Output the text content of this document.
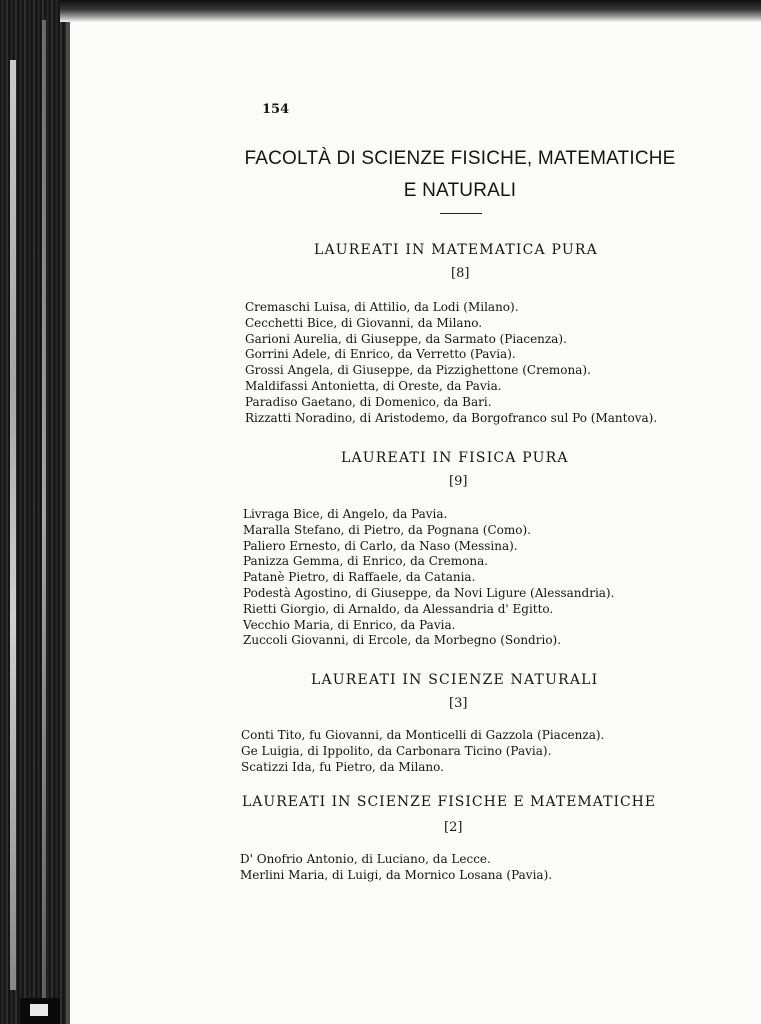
154
FACOLTÀ DI SCIENZE FISICHE, MATEMATICHE
E NATURALI
LAUREATI IN MATEMATICA PURA
[8]
Cremaschi Luisa, di Attilio, da Lodi (Milano).
Cecchetti Bice, di Giovanni, da Milano.
Garioni Aurelia, di Giuseppe, da Sarmato (Piacenza).
Gorrini Adele, di Enrico, da Verretto (Pavia).
Grossi Angela, di Giuseppe, da Pizzighettone (Cremona).
Maldifassi Antonietta, di Oreste, da Pavia.
Paradiso Gaetano, di Domenico, da Bari.
Rizzatti Noradino, di Aristodemo, da Borgofranco sul Po (Mantova).
LAUREATI IN FISICA PURA
[9]
Livraga Bice, di Angelo, da Pavia.
Maralla Stefano, di Pietro, da Pognana (Como).
Paliero Ernesto, di Carlo, da Naso (Messina).
Panizza Gemma, di Enrico, da Cremona.
Patanè Pietro, di Raffaele, da Catania.
Podestà Agostino, di Giuseppe, da Novi Ligure (Alessandria).
Rietti Giorgio, di Arnaldo, da Alessandria d' Egitto.
Vecchio Maria, di Enrico, da Pavia.
Zuccoli Giovanni, di Ercole, da Morbegno (Sondrio).
LAUREATI IN SCIENZE NATURALI
[3]
Conti Tito, fu Giovanni, da Monticelli di Gazzola (Piacenza).
Ge Luigia, di Ippolito, da Carbonara Ticino (Pavia).
Scatizzi Ida, fu Pietro, da Milano.
LAUREATI IN SCIENZE FISICHE E MATEMATICHE
[2]
D' Onofrio Antonio, di Luciano, da Lecce.
Merlini Maria, di Luigi, da Mornico Losana (Pavia).
